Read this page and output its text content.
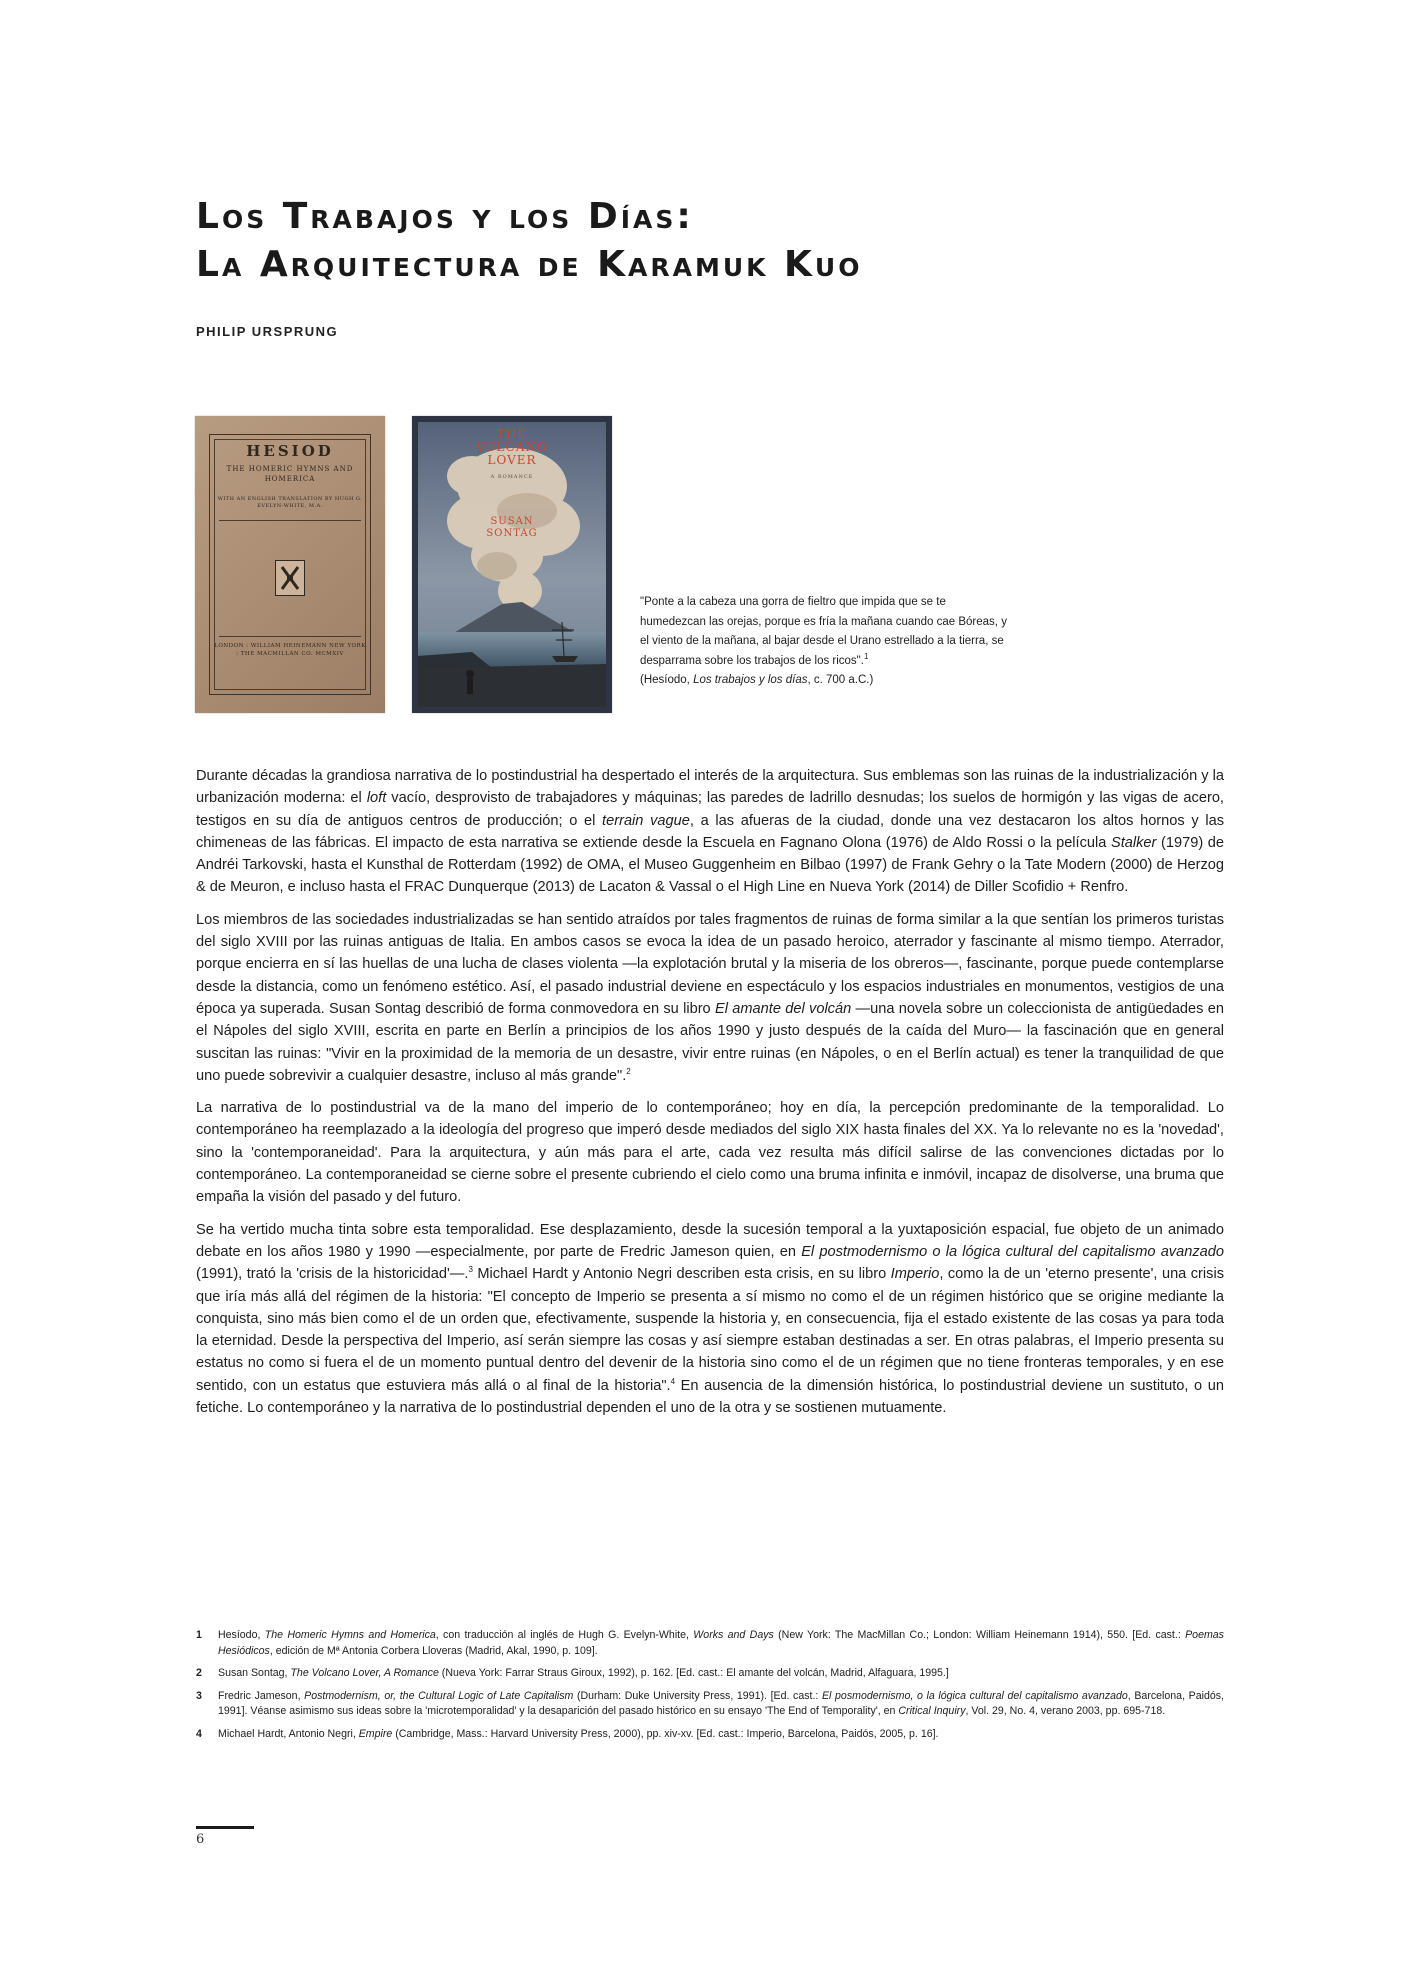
Los Trabajos y los Días:
La Arquitectura de Karamuk Kuo

PHILIP URSPRUNG

HESIOD

THE HOMERIC HYMNS AND HOMERICA

WITH AN ENGLISH TRANSLATION BY HUGH G. EVELYN-WHITE, M.A.

LONDON : WILLIAM HEINEMANN NEW YORK : THE MACMILLAN CO. MCMXIV

THE
VOLCANO
LOVER
A ROMANCE
SUSAN
SONTAG

"Ponte a la cabeza una gorra de fieltro que impida que se te humedezcan las orejas, porque es fría la mañana cuando cae Bóreas, y el viento de la mañana, al bajar desde el Urano estrellado a la tierra, se desparrama sobre los trabajos de los ricos".$^1$

(Hesíodo, Los trabajos y los días, c. 700 a.C.)

Durante décadas la grandiosa narrativa de lo postindustrial ha despertado el interés de la arquitectura. Sus emblemas son las ruinas de la industrialización y la urbanización moderna: el loft vacío, desprovisto de trabajadores y máquinas; las paredes de ladrillo desnudas; los suelos de hormigón y las vigas de acero, testigos en su día de antiguos centros de producción; o el terrain vague, a las afueras de la ciudad, donde una vez destacaron los altos hornos y las chimeneas de las fábricas. El impacto de esta narrativa se extiende desde la Escuela en Fagnano Olona (1976) de Aldo Rossi o la película Stalker (1979) de Andréi Tarkovski, hasta el Kunsthal de Rotterdam (1992) de OMA, el Museo Guggenheim en Bilbao (1997) de Frank Gehry o la Tate Modern (2000) de Herzog & de Meuron, e incluso hasta el FRAC Dunquerque (2013) de Lacaton & Vassal o el High Line en Nueva York (2014) de Diller Scofidio + Renfro.

Los miembros de las sociedades industrializadas se han sentido atraídos por tales fragmentos de ruinas de forma similar a la que sentían los primeros turistas del siglo XVIII por las ruinas antiguas de Italia. En ambos casos se evoca la idea de un pasado heroico, aterrador y fascinante al mismo tiempo. Aterrador, porque encierra en sí las huellas de una lucha de clases violenta —la explotación brutal y la miseria de los obreros—, fascinante, porque puede contemplarse desde la distancia, como un fenómeno estético. Así, el pasado industrial deviene en espectáculo y los espacios industriales en monumentos, vestigios de una época ya superada. Susan Sontag describió de forma conmovedora en su libro El amante del volcán —una novela sobre un coleccionista de antigüedades en el Nápoles del siglo XVIII, escrita en parte en Berlín a principios de los años 1990 y justo después de la caída del Muro— la fascinación que en general suscitan las ruinas: "Vivir en la proximidad de la memoria de un desastre, vivir entre ruinas (en Nápoles, o en el Berlín actual) es tener la tranquilidad de que uno puede sobrevivir a cualquier desastre, incluso al más grande".$^2$

La narrativa de lo postindustrial va de la mano del imperio de lo contemporáneo; hoy en día, la percepción predominante de la temporalidad. Lo contemporáneo ha reemplazado a la ideología del progreso que imperó desde mediados del siglo XIX hasta finales del XX. Ya lo relevante no es la 'novedad', sino la 'contemporaneidad'. Para la arquitectura, y aún más para el arte, cada vez resulta más difícil salirse de las convenciones dictadas por lo contemporáneo. La contemporaneidad se cierne sobre el presente cubriendo el cielo como una bruma infinita e inmóvil, incapaz de disolverse, una bruma que empaña la visión del pasado y del futuro.

Se ha vertido mucha tinta sobre esta temporalidad. Ese desplazamiento, desde la sucesión temporal a la yuxtaposición espacial, fue objeto de un animado debate en los años 1980 y 1990 —especialmente, por parte de Fredric Jameson quien, en El postmodernismo o la lógica cultural del capitalismo avanzado (1991), trató la 'crisis de la historicidad'—.$^3$ Michael Hardt y Antonio Negri describen esta crisis, en su libro Imperio, como la de un 'eterno presente', una crisis que iría más allá del régimen de la historia: "El concepto de Imperio se presenta a sí mismo no como el de un régimen histórico que se origine mediante la conquista, sino más bien como el de un orden que, efectivamente, suspende la historia y, en consecuencia, fija el estado existente de las cosas ya para toda la eternidad. Desde la perspectiva del Imperio, así serán siempre las cosas y así siempre estaban destinadas a ser. En otras palabras, el Imperio presenta su estatus no como si fuera el de un momento puntual dentro del devenir de la historia sino como el de un régimen que no tiene fronteras temporales, y en ese sentido, con un estatus que estuviera más allá o al final de la historia".$^4$ En ausencia de la dimensión histórica, lo postindustrial deviene un sustituto, o un fetiche. Lo contemporáneo y la narrativa de lo postindustrial dependen el uno de la otra y se sostienen mutuamente.

1 Hesíodo, The Homeric Hymns and Homerica, con traducción al inglés de Hugh G. Evelyn-White, Works and Days (New York: The MacMillan Co.; London: William Heinemann 1914), 550. [Ed. cast.: Poemas Hesiódicos, edición de Mª Antonia Corbera Lloveras (Madrid, Akal, 1990, p. 109].

2 Susan Sontag, The Volcano Lover, A Romance (Nueva York: Farrar Straus Giroux, 1992), p. 162. [Ed. cast.: El amante del volcán, Madrid, Alfaguara, 1995.]

3 Fredric Jameson, Postmodernism, or, the Cultural Logic of Late Capitalism (Durham: Duke University Press, 1991). [Ed. cast.: El posmodernismo, o la lógica cultural del capitalismo avanzado, Barcelona, Paidós, 1991]. Véanse asimismo sus ideas sobre la 'microtemporalidad' y la desaparición del pasado histórico en su ensayo 'The End of Temporality', en Critical Inquiry, Vol. 29, No. 4, verano 2003, pp. 695-718.

4 Michael Hardt, Antonio Negri, Empire (Cambridge, Mass.: Harvard University Press, 2000), pp. xiv-xv. [Ed. cast.: Imperio, Barcelona, Paidós, 2005, p. 16].

6
